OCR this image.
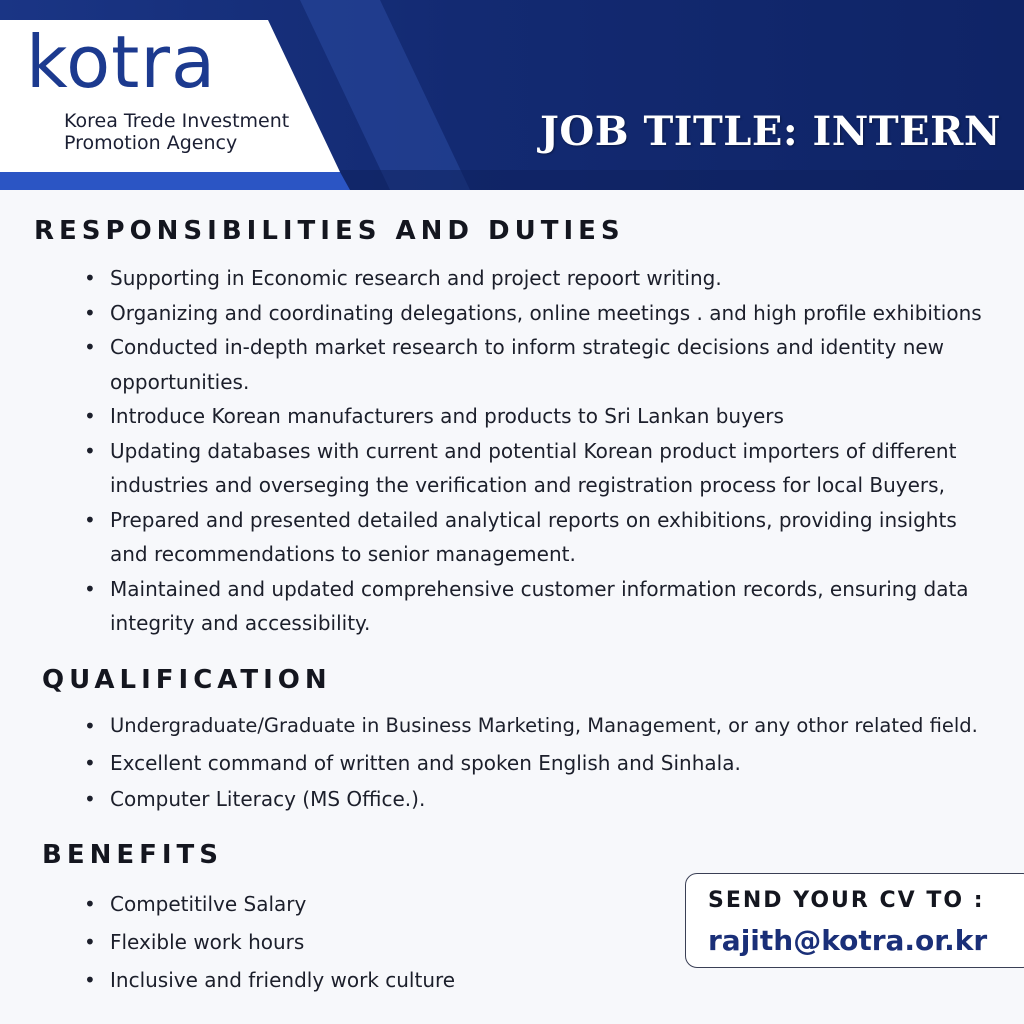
kotra
Korea Trede Investment
Promotion Agency	JOB TITLE: INTERN
RESPONSIBILITIES AND DUTIES
• Supporting in Economic research and project repoort writing.
• Organizing and coordinating delegations, online meetings . and high profile exhibitions
• Conducted in-depth market research to inform strategic decisions and identity new opportunities.
• Introduce Korean manufacturers and products to Sri Lankan buyers
• Updating databases with current and potential Korean product importers of different industries and overseging the verification and registration process for local Buyers,
• Prepared and presented detailed analytical reports on exhibitions, providing insights and recommendations to senior management.
• Maintained and updated comprehensive customer information records, ensuring data integrity and accessibility.
QUALIFICATION
• Undergraduate/Graduate in Business Marketing, Management, or any othor related field.
• Excellent command of written and spoken English and Sinhala.
• Computer Literacy (MS Office.).
BENEFITS
• Competitilve Salary
• Flexible work hours
• Inclusive and friendly work culture
SEND YOUR CV TO :
rajith@kotra.or.kr
